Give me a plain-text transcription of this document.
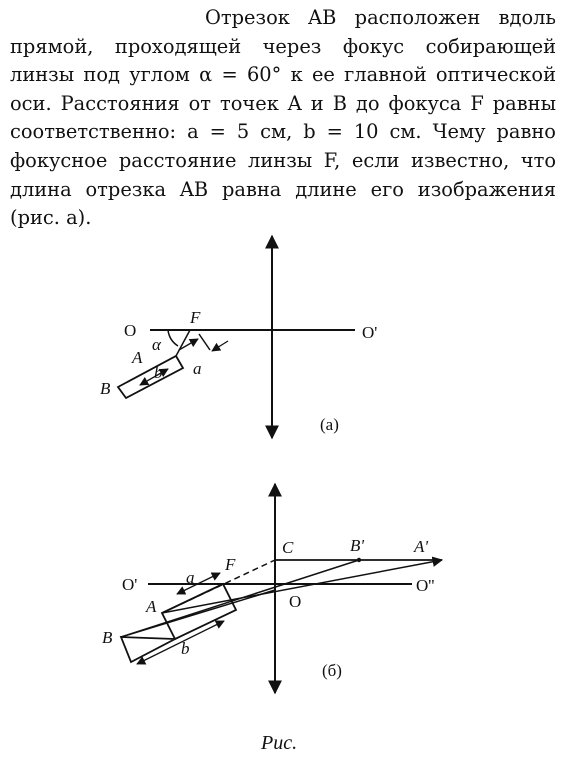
Отрезок AB расположен вдоль
прямой, проходящей через фокус собирающей
линзы под углом α = 60° к ее главной оптической
оси. Расстояния от точек A и B до фокуса F равны
соответственно: a = 5 см, b = 10 см. Чему равно
фокусное расстояние линзы F, если известно, что
длина отрезка AB равна длине его изображения
(рис. а).
O	O'
F
α
A
B
b a
(a)
C	B'	A'
O'	O''
O
F
a
A
B
b
(б)
Рис.
